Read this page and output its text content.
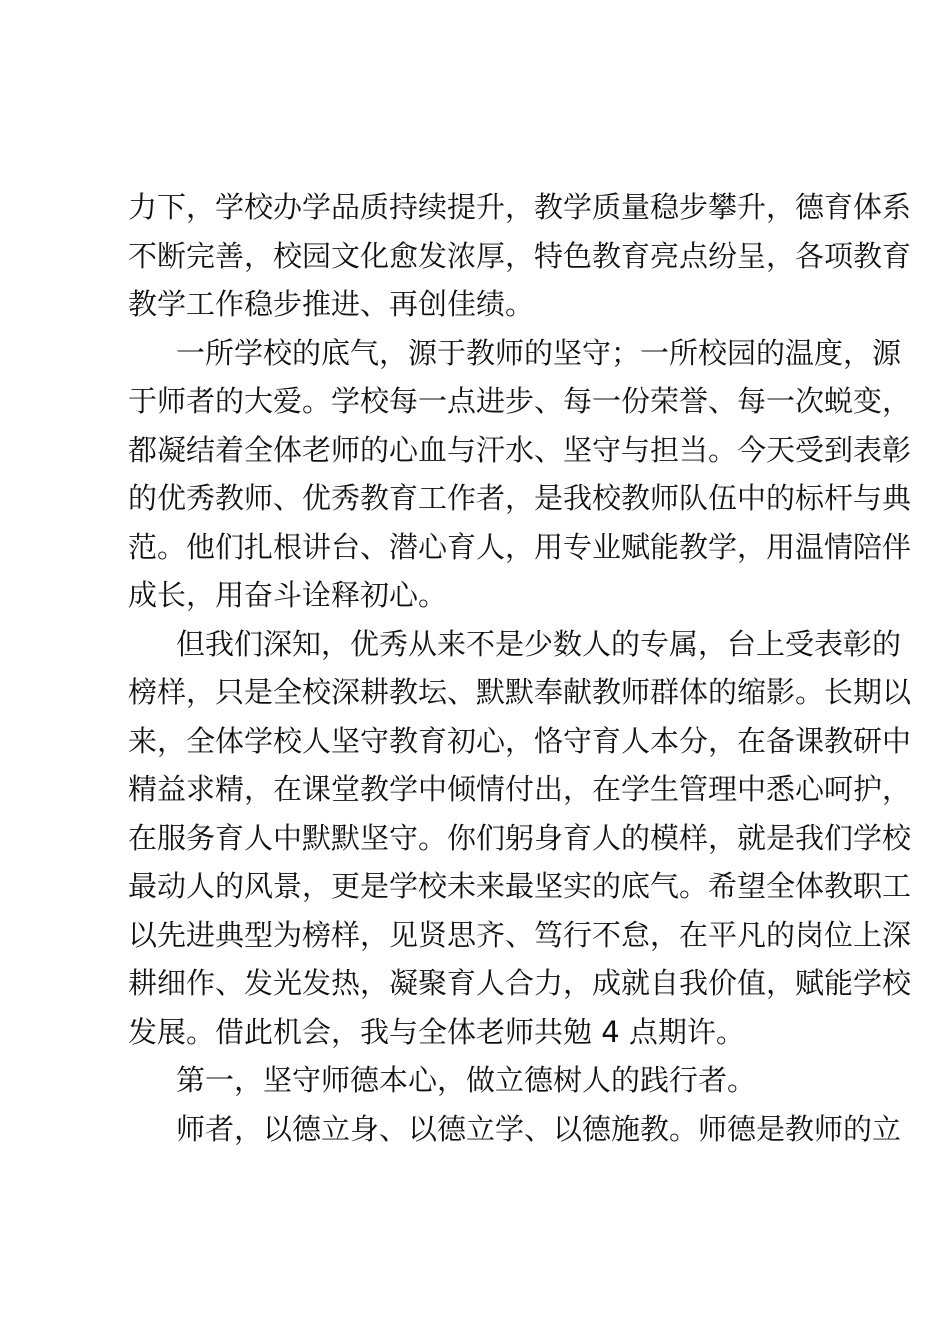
力下，学校办学品质持续提升，教学质量稳步攀升，德育体系
不断完善，校园文化愈发浓厚，特色教育亮点纷呈，各项教育
教学工作稳步推进、再创佳绩。
一所学校的底气，源于教师的坚守；一所校园的温度，源
于师者的大爱。学校每一点进步、每一份荣誉、每一次蜕变，
都凝结着全体老师的心血与汗水、坚守与担当。今天受到表彰
的优秀教师、优秀教育工作者，是我校教师队伍中的标杆与典
范。他们扎根讲台、潜心育人，用专业赋能教学，用温情陪伴
成长，用奋斗诠释初心。
但我们深知，优秀从来不是少数人的专属，台上受表彰的
榜样，只是全校深耕教坛、默默奉献教师群体的缩影。长期以
来，全体学校人坚守教育初心，恪守育人本分，在备课教研中
精益求精，在课堂教学中倾情付出，在学生管理中悉心呵护，
在服务育人中默默坚守。你们躬身育人的模样，就是我们学校
最动人的风景，更是学校未来最坚实的底气。希望全体教职工
以先进典型为榜样，见贤思齐、笃行不怠，在平凡的岗位上深
耕细作、发光发热，凝聚育人合力，成就自我价值，赋能学校
发展。借此机会，我与全体老师共勉 4 点期许。
第一，坚守师德本心，做立德树人的践行者。
师者，以德立身、以德立学、以德施教。师德是教师的立
